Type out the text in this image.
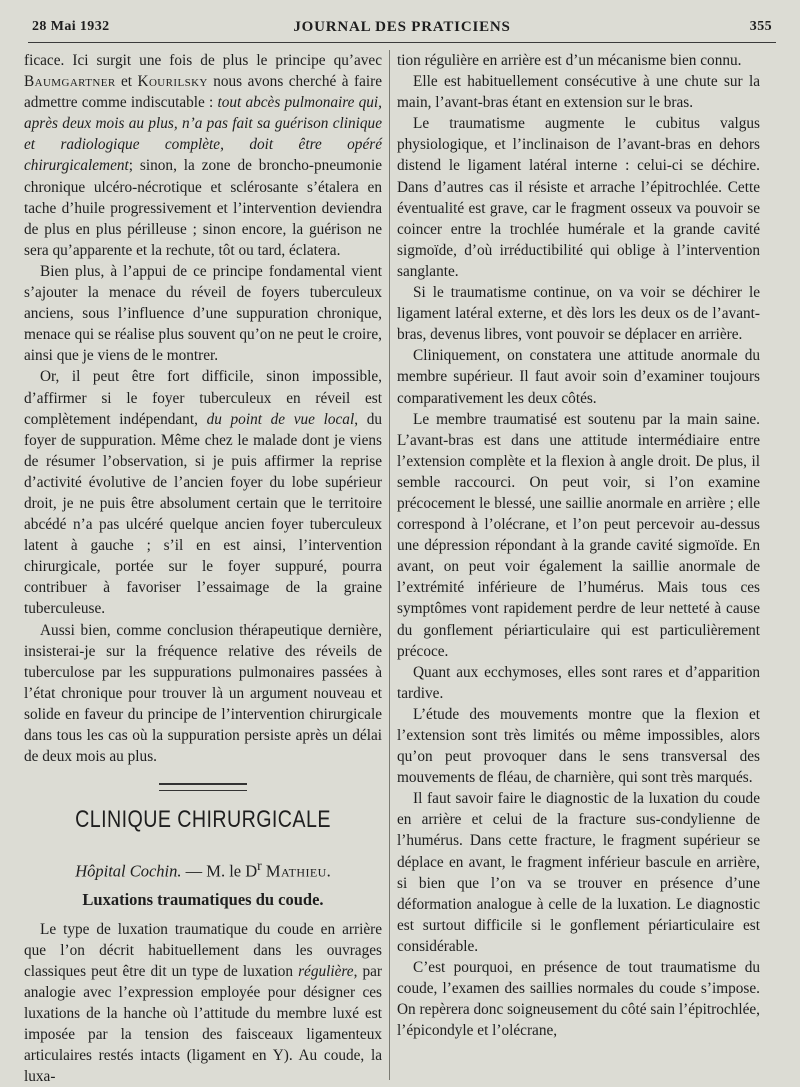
28 Mai 1932	JOURNAL DES PRATICIENS	355

ficace. Ici surgit une fois de plus le principe qu’avec Baumgartner et Kourilsky nous avons cherché à faire admettre comme indiscutable : tout abcès pulmonaire qui, après deux mois au plus, n’a pas fait sa guérison clinique et radiologique complète, doit être opéré chirurgicalement; sinon, la zone de broncho-pneumonie chronique ulcéro-nécrotique et sclérosante s’étalera en tache d’huile progressivement et l’intervention deviendra de plus en plus périlleuse ; sinon encore, la guérison ne sera qu’apparente et la rechute, tôt ou tard, éclatera.

Bien plus, à l’appui de ce principe fondamental vient s’ajouter la menace du réveil de foyers tuberculeux anciens, sous l’influence d’une suppuration chronique, menace qui se réalise plus souvent qu’on ne peut le croire, ainsi que je viens de le montrer.

Or, il peut être fort difficile, sinon impossible, d’affirmer si le foyer tuberculeux en réveil est complètement indépendant, du point de vue local, du foyer de suppuration. Même chez le malade dont je viens de résumer l’observation, si je puis affirmer la reprise d’activité évolutive de l’ancien foyer du lobe supérieur droit, je ne puis être absolument certain que le territoire abcédé n’a pas ulcéré quelque ancien foyer tuberculeux latent à gauche ; s’il en est ainsi, l’intervention chirurgicale, portée sur le foyer suppuré, pourra contribuer à favoriser l’essaimage de la graine tuberculeuse.

Aussi bien, comme conclusion thérapeutique dernière, insisterai-je sur la fréquence relative des réveils de tuberculose par les suppurations pulmonaires passées à l’état chronique pour trouver là un argument nouveau et solide en faveur du principe de l’intervention chirurgicale dans tous les cas où la suppuration persiste après un délai de deux mois au plus.

CLINIQUE CHIRURGICALE
Hôpital Cochin. — M. le $D^r$ Mathieu.
Luxations traumatiques du coude.

Le type de luxation traumatique du coude en arrière que l’on décrit habituellement dans les ouvrages classiques peut être dit un type de luxation régulière, par analogie avec l’expression employée pour désigner ces luxations de la hanche où l’attitude du membre luxé est imposée par la tension des faisceaux ligamenteux articulaires restés intacts (ligament en Y). Au coude, la luxa-

tion régulière en arrière est d’un mécanisme bien connu.

Elle est habituellement consécutive à une chute sur la main, l’avant-bras étant en extension sur le bras.

Le traumatisme augmente le cubitus valgus physiologique, et l’inclinaison de l’avant-bras en dehors distend le ligament latéral interne : celui-ci se déchire. Dans d’autres cas il résiste et arrache l’épitrochlée. Cette éventualité est grave, car le fragment osseux va pouvoir se coincer entre la trochlée humérale et la grande cavité sigmoïde, d’où irréductibilité qui oblige à l’intervention sanglante.

Si le traumatisme continue, on va voir se déchirer le ligament latéral externe, et dès lors les deux os de l’avant-bras, devenus libres, vont pouvoir se déplacer en arrière.

Cliniquement, on constatera une attitude anormale du membre supérieur. Il faut avoir soin d’examiner toujours comparativement les deux côtés.

Le membre traumatisé est soutenu par la main saine. L’avant-bras est dans une attitude intermédiaire entre l’extension complète et la flexion à angle droit. De plus, il semble raccourci. On peut voir, si l’on examine précocement le blessé, une saillie anormale en arrière ; elle correspond à l’olécrane, et l’on peut percevoir au-dessus une dépression répondant à la grande cavité sigmoïde. En avant, on peut voir également la saillie anormale de l’extrémité inférieure de l’humérus. Mais tous ces symptômes vont rapidement perdre de leur netteté à cause du gonflement périarticulaire qui est particulièrement précoce.

Quant aux ecchymoses, elles sont rares et d’apparition tardive.

L’étude des mouvements montre que la flexion et l’extension sont très limités ou même impossibles, alors qu’on peut provoquer dans le sens transversal des mouvements de fléau, de charnière, qui sont très marqués.

Il faut savoir faire le diagnostic de la luxation du coude en arrière et celui de la fracture sus-condylienne de l’humérus. Dans cette fracture, le fragment supérieur se déplace en avant, le fragment inférieur bascule en arrière, si bien que l’on va se trouver en présence d’une déformation analogue à celle de la luxation. Le diagnostic est surtout difficile si le gonflement périarticulaire est considérable.

C’est pourquoi, en présence de tout traumatisme du coude, l’examen des saillies normales du coude s’impose. On repèrera donc soigneusement du côté sain l’épitrochlée, l’épicondyle et l’olécrane,
